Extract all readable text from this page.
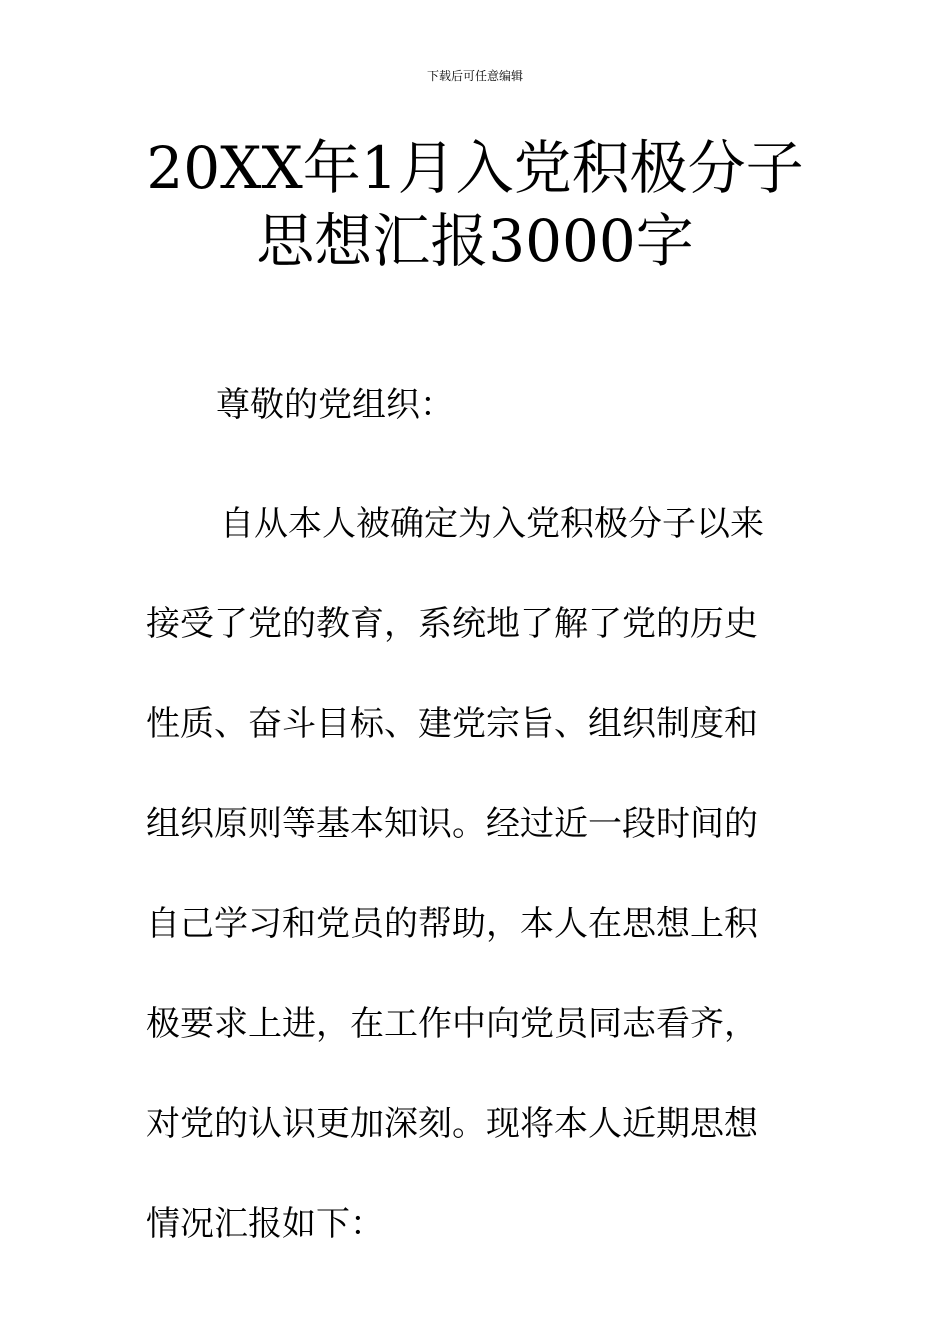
下载后可任意编辑
20XX年1月入党积极分子
思想汇报3000字
尊敬的党组织：
自从本人被确定为入党积极分子以来
接受了党的教育，系统地了解了党的历史
性质、奋斗目标、建党宗旨、组织制度和
组织原则等基本知识。经过近一段时间的
自己学习和党员的帮助，本人在思想上积
极要求上进，在工作中向党员同志看齐，
对党的认识更加深刻。现将本人近期思想
情况汇报如下：
